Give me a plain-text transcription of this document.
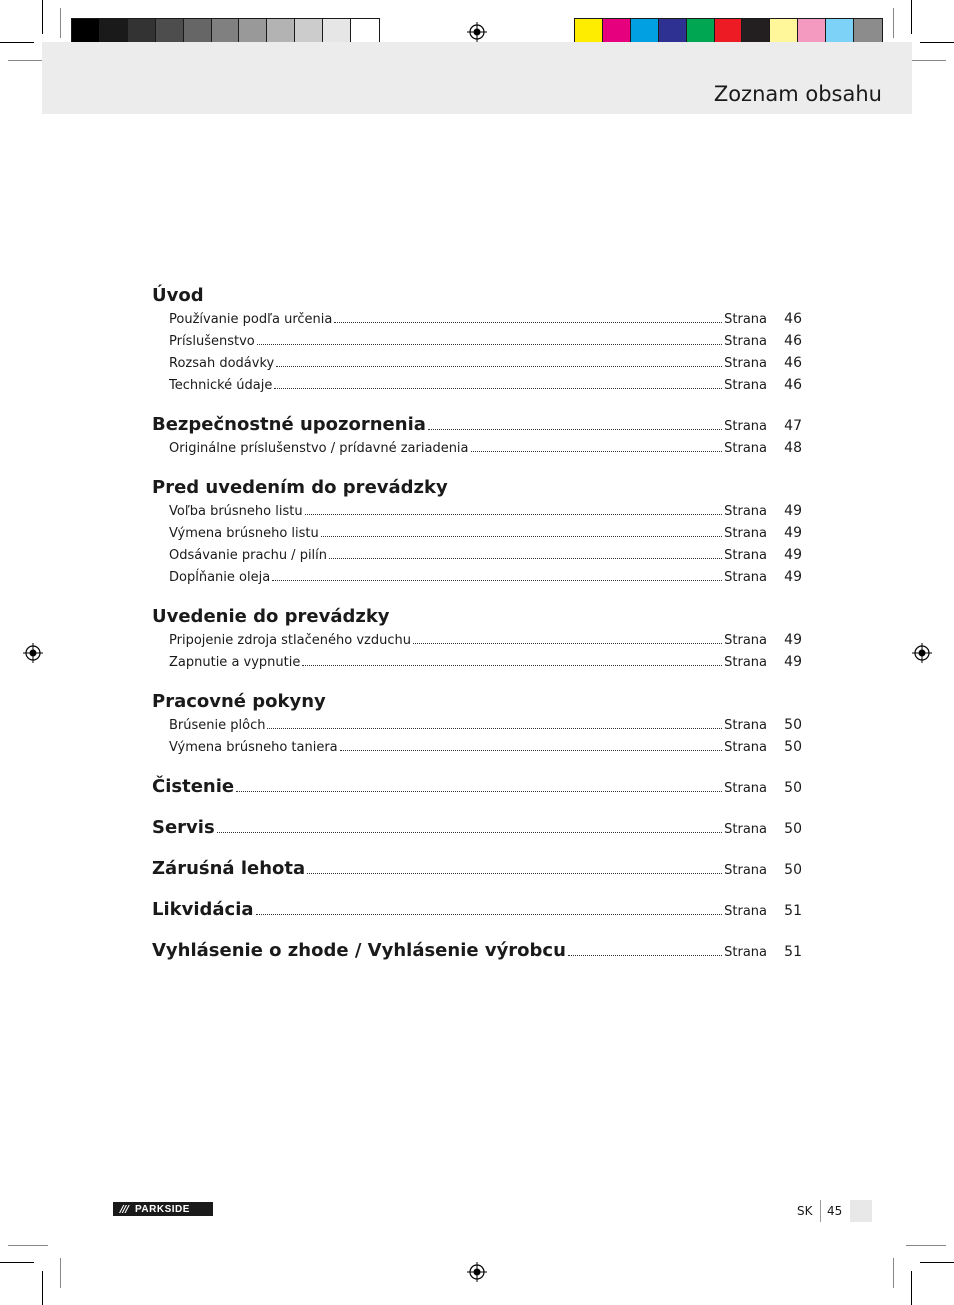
Zoznam obsahu
Úvod
Používanie podľa určenia	Strana	46
Príslušenstvo	Strana	46
Rozsah dodávky	Strana	46
Technické údaje	Strana	46
Bezpečnostné upozornenia	Strana	47
Originálne príslušenstvo / prídavné zariadenia	Strana	48
Pred uvedením do prevádzky
Voľba brúsneho listu	Strana	49
Výmena brúsneho listu	Strana	49
Odsávanie prachu / pilín	Strana	49
Dopĺňanie oleja	Strana	49
Uvedenie do prevádzky
Pripojenie zdroja stlačeného vzduchu	Strana	49
Zapnutie a vypnutie	Strana	49
Pracovné pokyny
Brúsenie plôch	Strana	50
Výmena brúsneho taniera	Strana	50
Čistenie	Strana	50
Servis	Strana	50
Záruśná lehota	Strana	50
Likvidácia	Strana	51
Vyhlásenie o zhode / Vyhlásenie výrobcu	Strana	51
/// PARKSIDE	SK 45
